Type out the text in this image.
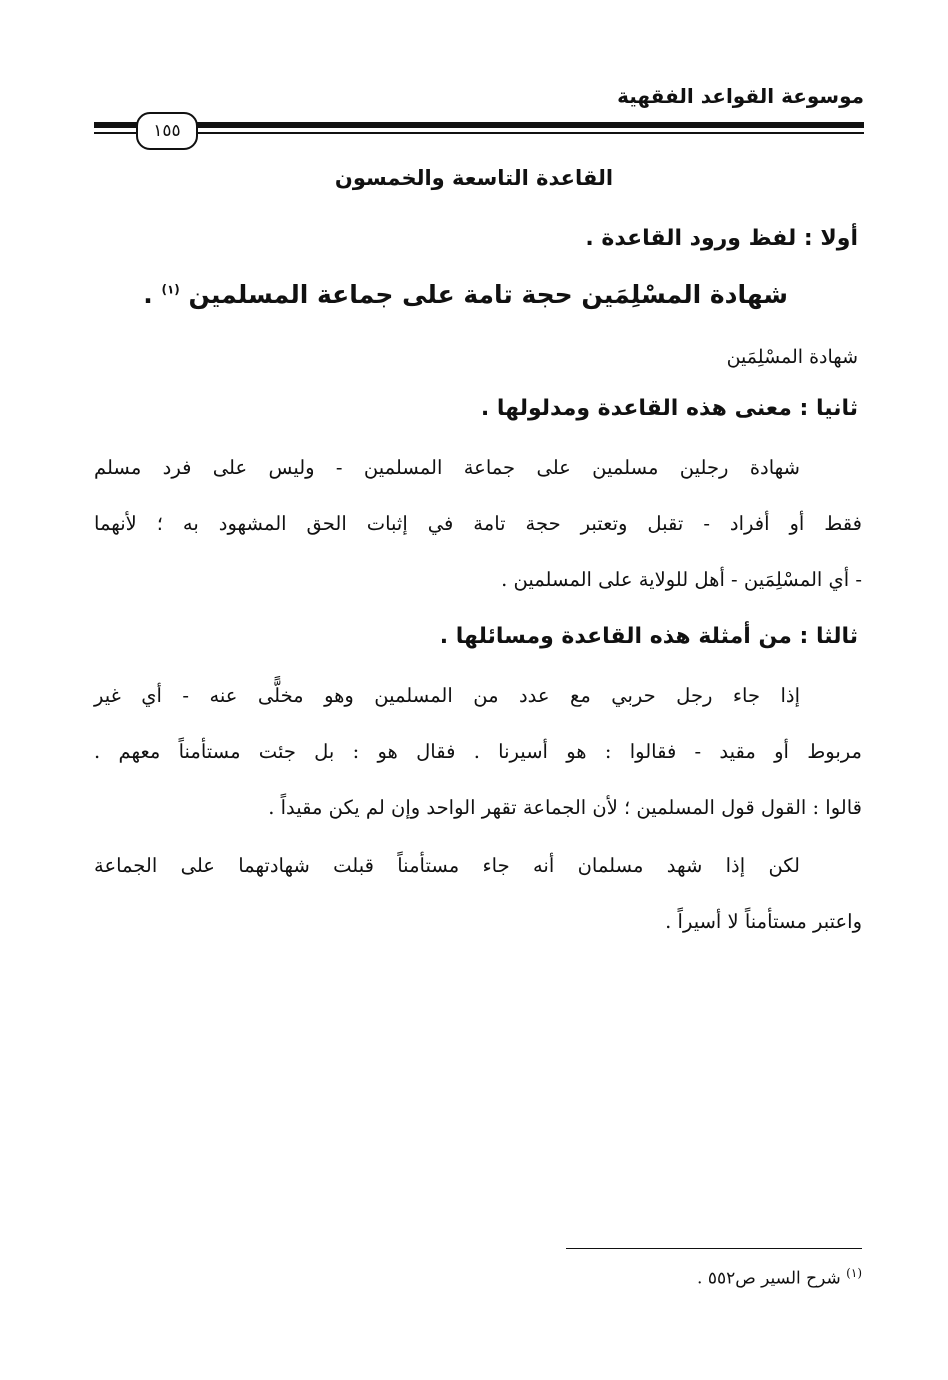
موسوعة القواعد الفقهية
١٥٥
القاعدة التاسعة والخمسون
أولا : لفظ ورود القاعدة .
شهادة المسْلِمَين حجة تامة على جماعة المسلمين $^{(١)}$ .
شهادة المسْلِمَين
ثانيا : معنى هذه القاعدة ومدلولها .
شهادة رجلين مسلمين على جماعة المسلمين - وليس على فرد مسلم
فقط أو أفراد - تقبل وتعتبر حجة تامة في إثبات الحق المشهود به ؛ لأنهما
- أي المسْلِمَين - أهل للولاية على المسلمين .
ثالثا : من أمثلة هذه القاعدة ومسائلها .
إذا جاء رجل حربي مع عدد من المسلمين وهو مخلًّى عنه - أي غير
مربوط أو مقيد - فقالوا : هو أسيرنا . فقال هو : بل جئت مستأمناً معهم .
قالوا : القول قول المسلمين ؛ لأن الجماعة تقهر الواحد وإن لم يكن مقيداً .
لكن إذا شهد مسلمان أنه جاء مستأمناً قبلت شهادتهما على الجماعة
واعتبر مستأمناً لا أسيراً .
$^{(١)}$ شرح السير ص٥٥٢ .
